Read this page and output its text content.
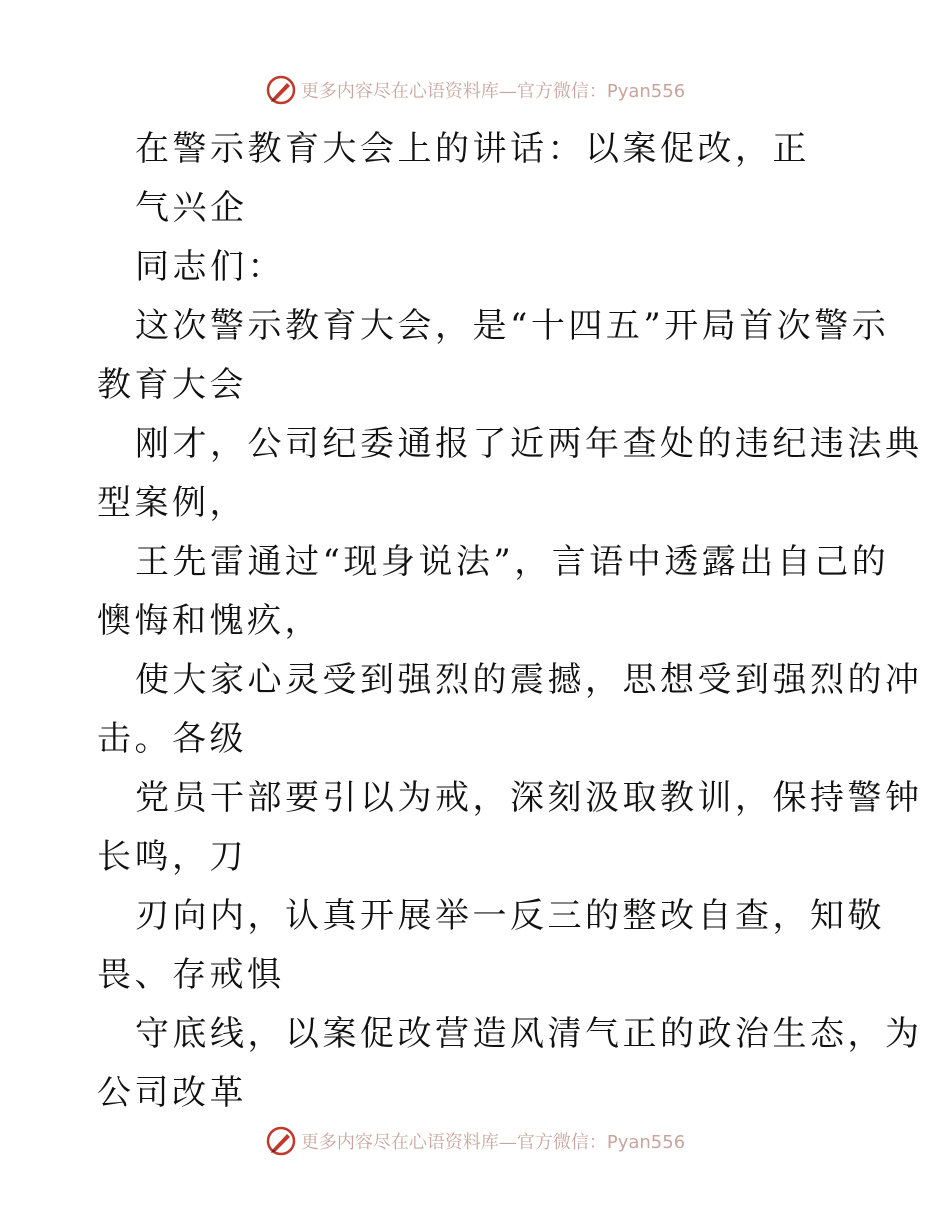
更多内容尽在心语资料库—官方微信：Pyan556
在警示教育大会上的讲话：以案促改，正
气兴企
同志们：
这次警示教育大会，是“十四五”开局首次警示
教育大会
刚才，公司纪委通报了近两年查处的违纪违法典
型案例，
王先雷通过“现身说法”，言语中透露出自己的
懊悔和愧疚，
使大家心灵受到强烈的震撼，思想受到强烈的冲
击。各级
党员干部要引以为戒，深刻汲取教训，保持警钟
长鸣，刀
刃向内，认真开展举一反三的整改自查，知敬
畏、存戒惧
守底线，以案促改营造风清气正的政治生态，为
公司改革
更多内容尽在心语资料库—官方微信：Pyan556
